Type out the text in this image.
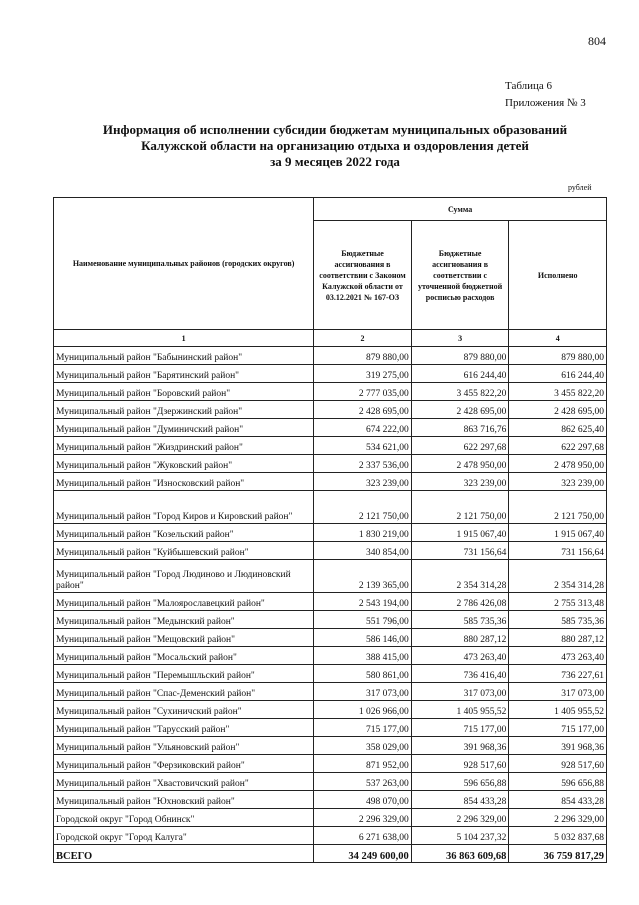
804
Таблица 6
Приложения № 3
Информация об исполнении субсидии бюджетам муниципальных образований
Калужской области на организацию отдыха и оздоровления детей
за 9 месяцев 2022 года
рублей
Наименование муниципальных районов (городских округов)	Сумма		
	Бюджетные ассигнования в соответствии с Законом Калужской области от 03.12.2021 № 167-ОЗ	Бюджетные ассигнования в соответствии с уточненной бюджетной росписью расходов	Исполнено
1	2	3	4
Муниципальный район "Бабынинский район"	879 880,00	879 880,00	879 880,00
Муниципальный район "Барятинский район"	319 275,00	616 244,40	616 244,40
Муниципальный район "Боровский район"	2 777 035,00	3 455 822,20	3 455 822,20
Муниципальный район "Дзержинский район"	2 428 695,00	2 428 695,00	2 428 695,00
Муниципальный район "Думиничский район"	674 222,00	863 716,76	862 625,40
Муниципальный район "Жиздринский район"	534 621,00	622 297,68	622 297,68
Муниципальный район "Жуковский район"	2 337 536,00	2 478 950,00	2 478 950,00
Муниципальный район "Износковский район"	323 239,00	323 239,00	323 239,00
Муниципальный район "Город Киров и Кировский район"	2 121 750,00	2 121 750,00	2 121 750,00
Муниципальный район "Козельский район"	1 830 219,00	1 915 067,40	1 915 067,40
Муниципальный район "Куйбышевский район"	340 854,00	731 156,64	731 156,64
Муниципальный район "Город Людиново и Людиновский район"	2 139 365,00	2 354 314,28	2 354 314,28
Муниципальный район "Малоярославецкий район"	2 543 194,00	2 786 426,08	2 755 313,48
Муниципальный район "Медынский район"	551 796,00	585 735,36	585 735,36
Муниципальный район "Мещовский район"	586 146,00	880 287,12	880 287,12
Муниципальный район "Мосальский район"	388 415,00	473 263,40	473 263,40
Муниципальный район "Перемышльский район"	580 861,00	736 416,40	736 227,61
Муниципальный район "Спас-Деменский район"	317 073,00	317 073,00	317 073,00
Муниципальный район "Сухиничский район"	1 026 966,00	1 405 955,52	1 405 955,52
Муниципальный район "Тарусский район"	715 177,00	715 177,00	715 177,00
Муниципальный район "Ульяновский район"	358 029,00	391 968,36	391 968,36
Муниципальный район "Ферзиковский район"	871 952,00	928 517,60	928 517,60
Муниципальный район "Хвастовичский район"	537 263,00	596 656,88	596 656,88
Муниципальный район "Юхновский район"	498 070,00	854 433,28	854 433,28
Городской округ "Город Обнинск"	2 296 329,00	2 296 329,00	2 296 329,00
Городской округ "Город Калуга"	6 271 638,00	5 104 237,32	5 032 837,68
ВСЕГО	34 249 600,00	36 863 609,68	36 759 817,29
